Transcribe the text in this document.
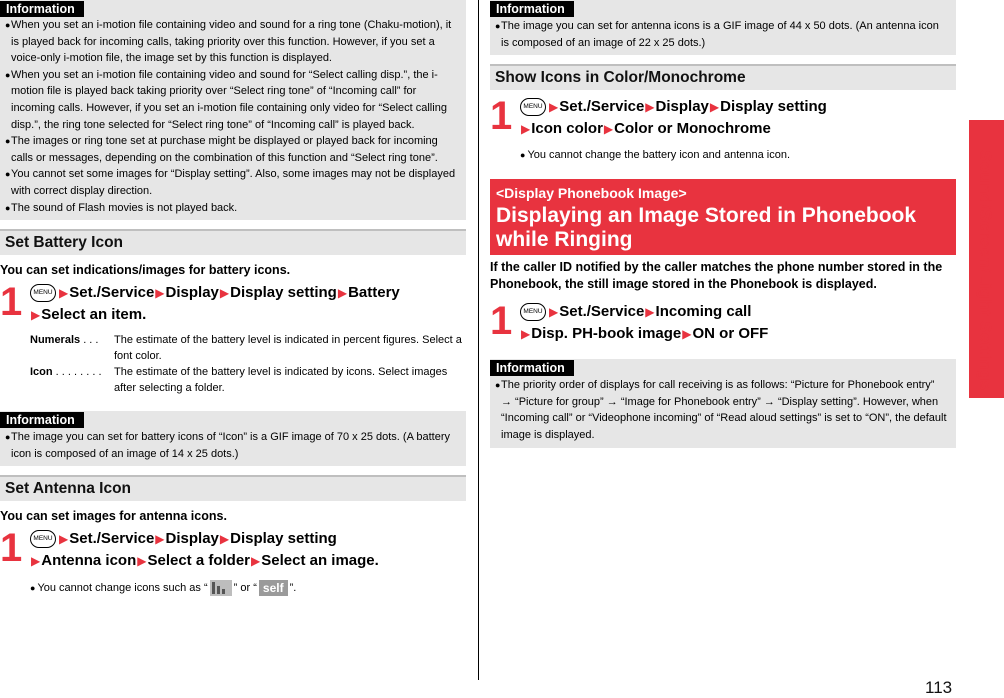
Information
● When you set an i-motion file containing video and sound for a ring tone (Chaku-motion), it is played back for incoming calls, taking priority over this function. However, if you set a voice-only i-motion file, the image set by this function is displayed.
● When you set an i-motion file containing video and sound for “Select calling disp.”, the i-motion file is played back taking priority over “Select ring tone” of “Incoming call” for incoming calls. However, if you set an i-motion file containing only video for “Select calling disp.”, the ring tone selected for “Select ring tone” of “Incoming call” is played back.
● The images or ring tone set at purchase might be displayed or played back for incoming calls or messages, depending on the combination of this function and “Select ring tone”.
● You cannot set some images for “Display setting”. Also, some images may not be displayed with correct display direction.
● The sound of Flash movies is not played back.
Set Battery Icon
You can set indications/images for battery icons.
1	MENU ▶Set./Service▶Display▶Display setting▶Battery
▶Select an item.
Numerals . . .	The estimate of the battery level is indicated in percent figures. Select a font color.
Icon . . . . . . . .	The estimate of the battery level is indicated by icons. Select images after selecting a folder.
Information
● The image you can set for battery icons of “Icon” is a GIF image of 70 x 25 dots. (A battery icon is composed of an image of 14 x 25 dots.)
Set Antenna Icon
You can set images for antenna icons.
1	MENU ▶Set./Service▶Display▶Display setting
▶Antenna icon▶Select a folder▶Select an image.
● You cannot change icons such as “ ” or “ self ”.
Information
● The image you can set for antenna icons is a GIF image of 44 x 50 dots. (An antenna icon is composed of an image of 22 x 25 dots.)
Show Icons in Color/Monochrome
1	MENU ▶Set./Service▶Display▶Display setting
▶Icon color▶Color or Monochrome
● You cannot change the battery icon and antenna icon.
<Display Phonebook Image>
Displaying an Image Stored in Phonebook while Ringing
If the caller ID notified by the caller matches the phone number stored in the Phonebook, the still image stored in the Phonebook is displayed.
1	MENU ▶Set./Service▶Incoming call
▶Disp. PH-book image▶ON or OFF
Information
● The priority order of displays for call receiving is as follows: “Picture for Phonebook entry” → “Picture for group” → “Image for Phonebook entry” → “Display setting”. However, when “Incoming call” or “Videophone incoming” of “Read aloud settings” is set to “ON”, the default image is displayed.
Sound/Screen/Light Settings
113
